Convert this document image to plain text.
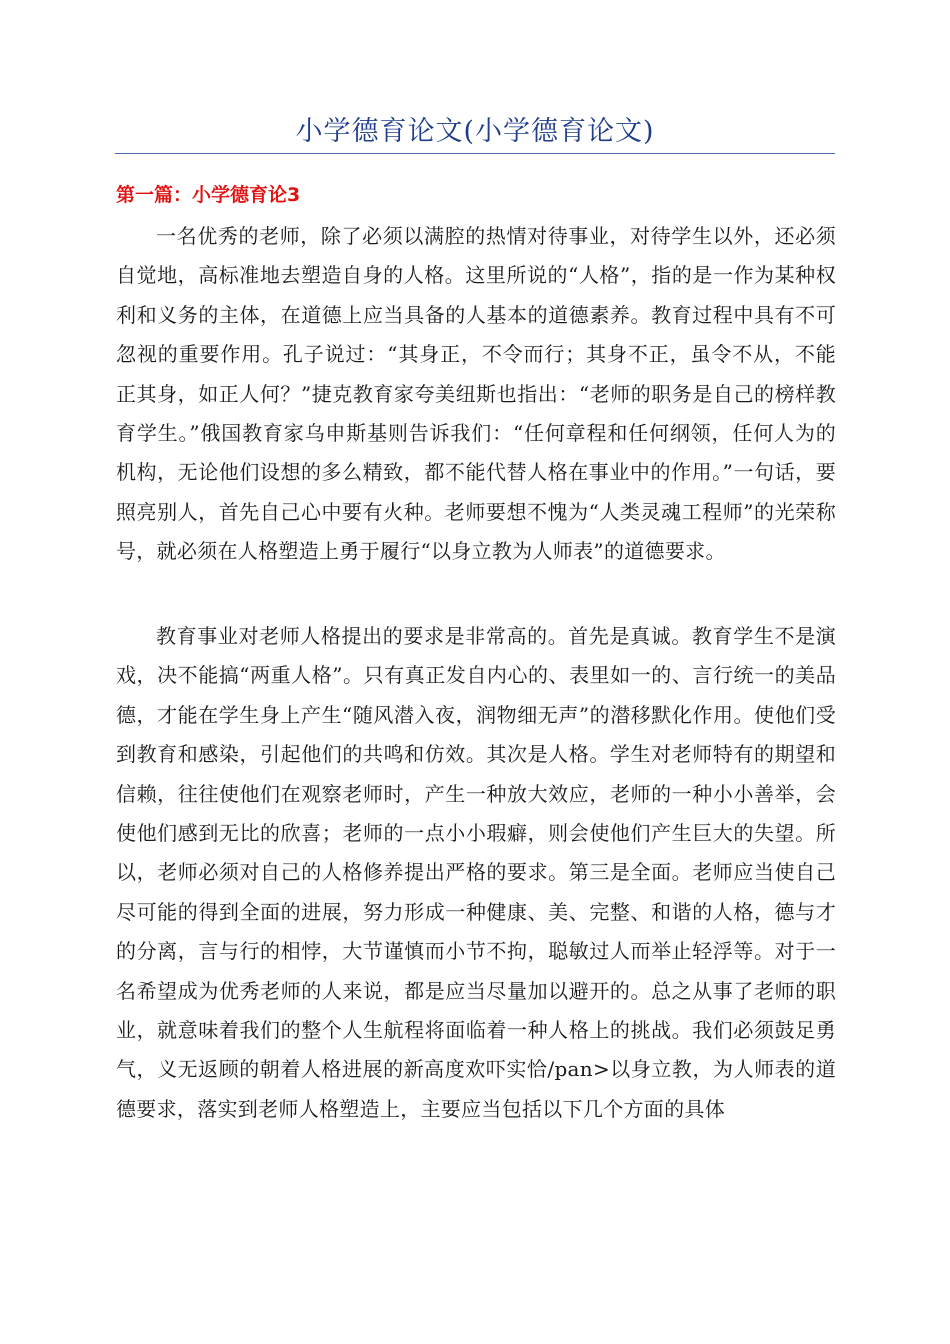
小学德育论文(小学德育论文)
第一篇：小学德育论3

一名优秀的老师，除了必须以满腔的热情对待事业，对待学生以外，还必须自觉地，高标准地去塑造自身的人格。这里所说的“人格”，指的是一作为某种权利和义务的主体，在道德上应当具备的人基本的道德素养。教育过程中具有不可忽视的重要作用。孔子说过：“其身正，不令而行；其身不正，虽令不从，不能正其身，如正人何？”捷克教育家夸美纽斯也指出：“老师的职务是自己的榜样教育学生。”俄国教育家乌申斯基则告诉我们：“任何章程和任何纲领，任何人为的机构，无论他们设想的多么精致，都不能代替人格在事业中的作用。”一句话，要照亮别人，首先自己心中要有火种。老师要想不愧为“人类灵魂工程师”的光荣称号，就必须在人格塑造上勇于履行“以身立教为人师表”的道德要求。

教育事业对老师人格提出的要求是非常高的。首先是真诚。教育学生不是演戏，决不能搞“两重人格”。只有真正发自内心的、表里如一的、言行统一的美品德，才能在学生身上产生“随风潜入夜，润物细无声”的潜移默化作用。使他们受到教育和感染，引起他们的共鸣和仿效。其次是人格。学生对老师特有的期望和信赖，往往使他们在观察老师时，产生一种放大效应，老师的一种小小善举，会使他们感到无比的欣喜；老师的一点小小瑕癖，则会使他们产生巨大的失望。所以，老师必须对自己的人格修养提出严格的要求。第三是全面。老师应当使自己尽可能的得到全面的进展，努力形成一种健康、美、完整、和谐的人格，德与才的分离，言与行的相悖，大节谨慎而小节不拘，聪敏过人而举止轻浮等。对于一名希望成为优秀老师的人来说，都是应当尽量加以避开的。总之从事了老师的职业，就意味着我们的整个人生航程将面临着一种人格上的挑战。我们必须鼓足勇气，义无返顾的朝着人格进展的新高度欢吓实恰/pan>以身立教，为人师表的道德要求，落实到老师人格塑造上，主要应当包括以下几个方面的具体
